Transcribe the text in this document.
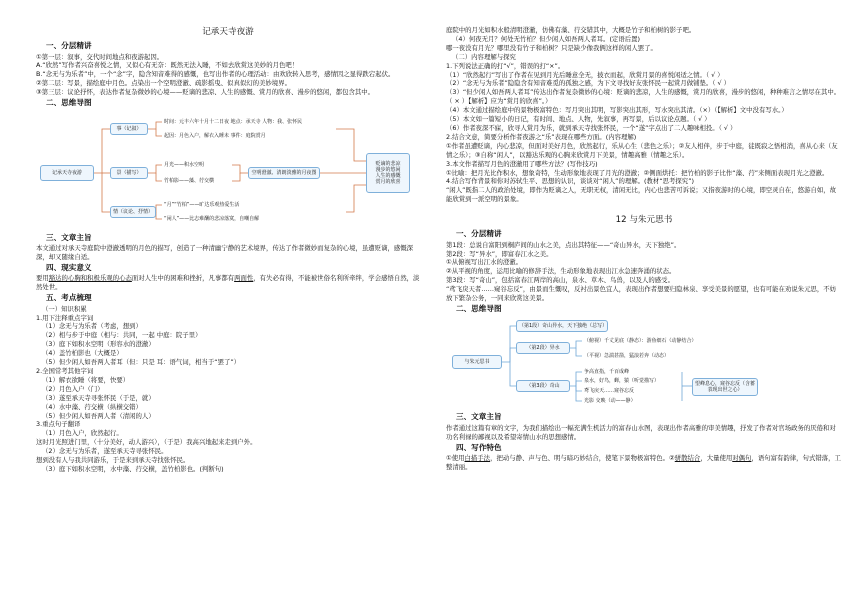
记承天寺夜游
一、分层精讲

①第一层：叙事，交代时间地点和夜游起因。

A.“欣然”写作者兴奋喜悦之情，又似心有无奈：既然无法入睡，不如去欣赏这美妙的月色吧！

B.“念无与为乐者”中，一个“念”字，隐含知音难得的感慨，也写出作者的心理活动：由欢欣转入思考，感情因之显得跌宕起伏。

②第二层：写景，描绘庭中月色。点染出一个空明澄澈、疏影摇曳、似真似幻的美妙境界。

③第三层：议论抒怀，表达作者复杂微妙的心境——贬谪的悲凉、人生的感慨、赏月的欣喜、漫步的悠闲，都包含其中。

二、思维导图
记承天寺夜游
事（记叙）
时间：元丰六年十月十二日夜 地点：承天寺 人物：我、张怀民
起因：月色入户，解衣入睡未 事件：庭院赏月
景（描写）
月光——积水空明
竹柏影——藻、荇交横
空明澄澈、清朗淡雅的月夜图
情（议论、抒情）
“月”“竹柏”——旷达乐观热爱生活
“闲人”——比志难酬的悲凉落寞，自嘲自解
贬谪的悲凉
漫步的悠闲
人生的感慨
赏月的欣喜
三、文章主旨

本文通过对承天寺庭院中澄澈透明的月色的描写，创造了一种清幽宁静的艺术境界，传达了作者微妙而复杂的心境，虽遭贬谪，感慨深深，却又随缘自适。

四、现实意义

要用豁达的心胸和积极乐观的心态面对人生中的困难和挫折，凡事都有两面性，有失必有得，不能被世俗名利所牵绊，学会感悟自然，淡然处世。

五、考点梳理

（一）知识积累

1.用下注释重点字词

（1）念无与为乐者（考虑，想到）

（2）相与步于中庭（相与：共同，一起 中庭：院子里）

（3）庭下如积水空明（形容水的澄澈）

（4）盖竹柏影也（大概是）

（5）但少闲人如吾两人者耳（但：只是 耳：语气词，相当于“罢了”）

2.全国常考其他字词

（1）解衣欲睡（将要，快要）

（2）月色入户（门）

（3）遂至承天寺寻张怀民（于是，就）

（4）水中藻、荇交横（纵横交错）

（5）但少闲人如吾两人者（清闲的人）

3.重点句子翻译

（1）月色入户，欣然起行。

这时月光照进门里，（十分美好，动人游兴），（于是）我高兴地起来走到户外。

（2）念无与为乐者，遂至承天寺寻张怀民。

想到没有人与我共同游乐，于是来到承天寺找张怀民。

（3）庭下如积水空明，水中藻、荇交横，盖竹柏影也。(判断句)

庭院中的月光如积水般清明澄澈，仿佛有藻、荇交错其中，大概是竹子和柏树的影子吧。

（4）何夜无月？何处无竹柏？但少闲人如吾两人者耳。(定语后置)

哪一夜没有月光？哪里没有竹子和柏树？只是缺少像我俩这样的闲人罢了。

（二）内容理解与探究

1.下列说法正确的打“√”，错误的打“×”。

（1）“欣然起行”写出了作者在见到月光后睡意全无，披衣而起，欣赏月景的喜悦闲适之情。（ √ ）

（2）“念无与为乐者”隐隐含有知音难觅的孤独之感，为下文寻找好友张怀民一起赏月做铺垫。（ √ ）

（3）“但少闲人如吾两人者耳”传达出作者复杂微妙的心境：贬谪的悲凉，人生的感慨，赏月的欣喜，漫步的悠闲，种种难言之情尽在其中。（ × ）【解析】应为“赏月的欣喜”。）

（4）本文通过描绘庭中的景物极富特色：写月突出其明，写影突出其形，写水突出其清。（×）（【解析】文中没有写水。）

（5）本文如一篇短小的日记，有时间、地点、人物，先叙事，再写景，后以议论点题。（ √ ）

（6）作者夜深不寐，欣寻人赏月为乐，就到承天寺找张怀民，一个“遂”字点出了二人趣味相投。（ √ ）

2.结合文意，简要分析作者夜游之“乐”表现在哪些方面。(内容理解)

①作者虽遭贬谪，内心悲凉，但面对美好月色，欣然起行，乐从心生（悲色之乐）；②友人相伴，步于中庭，徒既寂之悟相消，喜从心来（友情之乐）；③自称“闲人”，以豁达乐观的心胸来欣赏月下美景，情趣高雅（情趣之乐）。

3.本文作者描写月色的澄澈用了哪些方法？(写作技巧)

①比喻：把月光比作积水，想象奇特，生动形象地表现了月光的澄澈；②侧面烘托：把竹柏的影子比作“藻、荇”来侧面表现月光之澄澈。

4.结合写作背景和你对苏轼生平、思想的认识，谈谈对“闲人”的理解。(教材“思考探究”)

“闲人”既指二人的政治处境，即作为贬谪之人，无职无权，清闲无比，内心也悲苦可诉说；又指夜游时的心境，即空灵自在，悠游自如，故能欣赏到一派空明的景象。

12 与朱元思书
一、分层精讲

第1段：总说自富阳到桐庐间的山水之美，点出其特征——“奇山异水，天下独绝”。

第2段：写“异水”，即富春江水之美。

①从俯视写出江水的澄澈。

②从平视的角度，运用比喻的修辞手法，生动形象地表现出江水急速奔涌的状态。

第3段：写“奇山”，包括富春江两岸的高山，泉水、草木、鸟兽，以及人的感受。

“鸢飞戾天者……窥谷忘反”，由景而生慨叹，反衬出景色宜人，表现出作者想要归隐林泉、享受美景的愿望，也有可能在劝说朱元思，不妨放下繁杂公务，一同来欣赏这美景。

二、思维导图
与朱元思书
（第1段）奇山异水，天下独绝（总写）
（第2段）异水
（俯视）千丈见底（静态）：游鱼细石（动静结合）
（平视）急湍甚箭，猛浪若奔（动态）
（第3段）奇山
争高直指，千百成峰
泉水，好鸟，蝉，猿（听觉描写）
鸢飞戾天……窥谷忘反
光影 交映（动——静）
望峰息心，窥谷忘反（含蓄表现出世之心）
三、文章主旨

作者通过这篇有章的文字，为我们描绘出一幅充满生机活力的富春山水图，表现出作者高雅的审美情趣，抒发了作者对官场政务的厌倦和对功名利禄的鄙视以及希望寄情山水的思想感情。

四、写作特色

①使用白描手法，把动与静、声与色、明与暗巧妙结合，使笔下景物极富特色。②骈散结合，大量使用对偶句，语句富有韵律，句式错落，工整清丽。
